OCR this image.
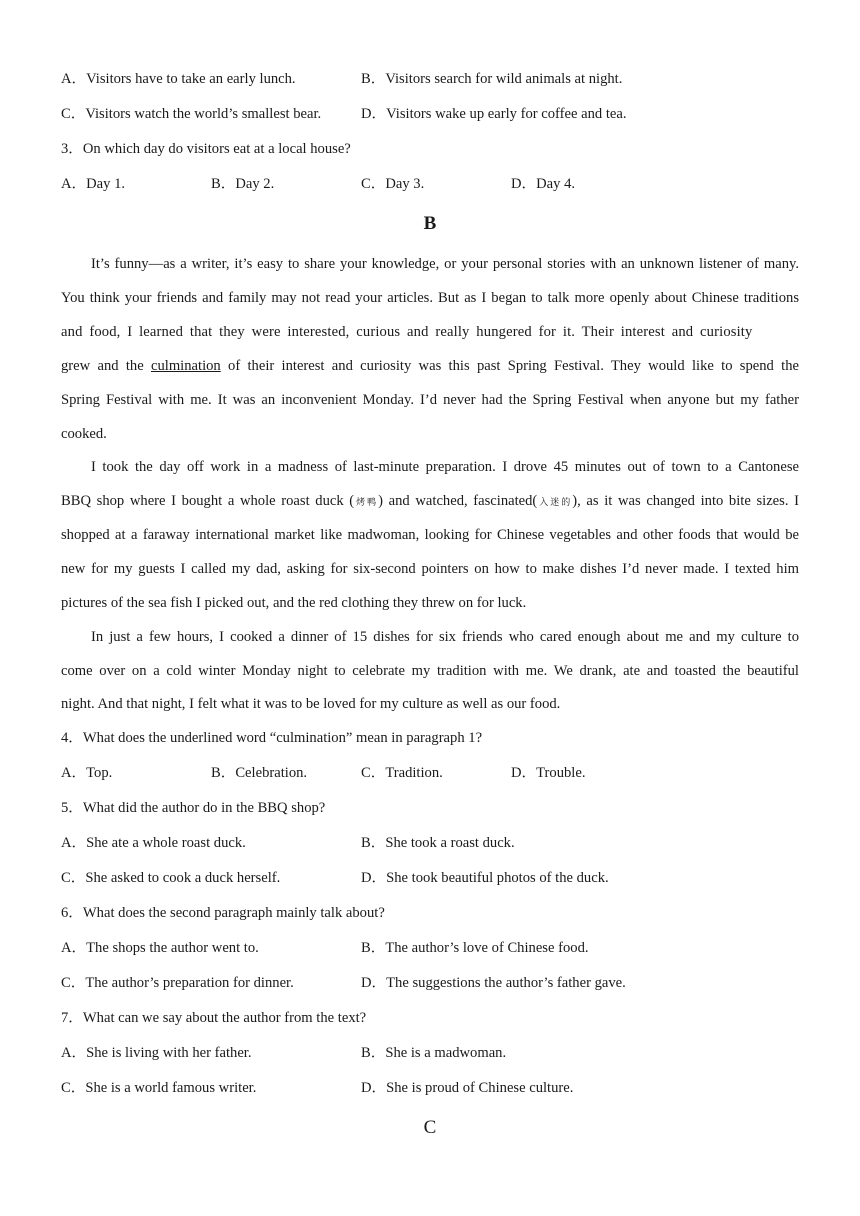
A．Visitors have to take an early lunch.	B．Visitors search for wild animals at night.
C．Visitors watch the world’s smallest bear.	D．Visitors wake up early for coffee and tea.
3．On which day do visitors eat at a local house?
A．Day 1.	B．Day 2.	C．Day 3.	D．Day 4.
B
It’s funny—as a writer, it’s easy to share your knowledge, or your personal stories with an unknown listener of many.
You think your friends and family may not read your articles. But as I began to talk more openly about Chinese traditions
and food, I learned that they were interested, curious and really hungered for it. Their interest and curiosity
grew and the culmination of their interest and curiosity was this past Spring Festival. They would like to spend the
Spring Festival with me. It was an inconvenient Monday. I’d never had the Spring Festival when anyone but my father
cooked.
I took the day off work in a madness of last-minute preparation. I drove 45 minutes out of town to a Cantonese
BBQ shop where I bought a whole roast duck (烤鸭) and watched, fascinated(入迷的), as it was changed into bite sizes. I
shopped at a faraway international market like madwoman, looking for Chinese vegetables and other foods that would be
new for my guests I called my dad, asking for six-second pointers on how to make dishes I’d never made. I texted him
pictures of the sea fish I picked out, and the red clothing they threw on for luck.
In just a few hours, I cooked a dinner of 15 dishes for six friends who cared enough about me and my culture to
come over on a cold winter Monday night to celebrate my tradition with me. We drank, ate and toasted the beautiful
night. And that night, I felt what it was to be loved for my culture as well as our food.
4．What does the underlined word “culmination” mean in paragraph 1?
A．Top.	B．Celebration.	C．Tradition.	D．Trouble.
5．What did the author do in the BBQ shop?
A．She ate a whole roast duck.	B．She took a roast duck.
C．She asked to cook a duck herself.	D．She took beautiful photos of the duck.
6．What does the second paragraph mainly talk about?
A．The shops the author went to.	B．The author’s love of Chinese food.
C．The author’s preparation for dinner.	D．The suggestions the author’s father gave.
7．What can we say about the author from the text?
A．She is living with her father.	B．She is a madwoman.
C．She is a world famous writer.	D．She is proud of Chinese culture.
C
